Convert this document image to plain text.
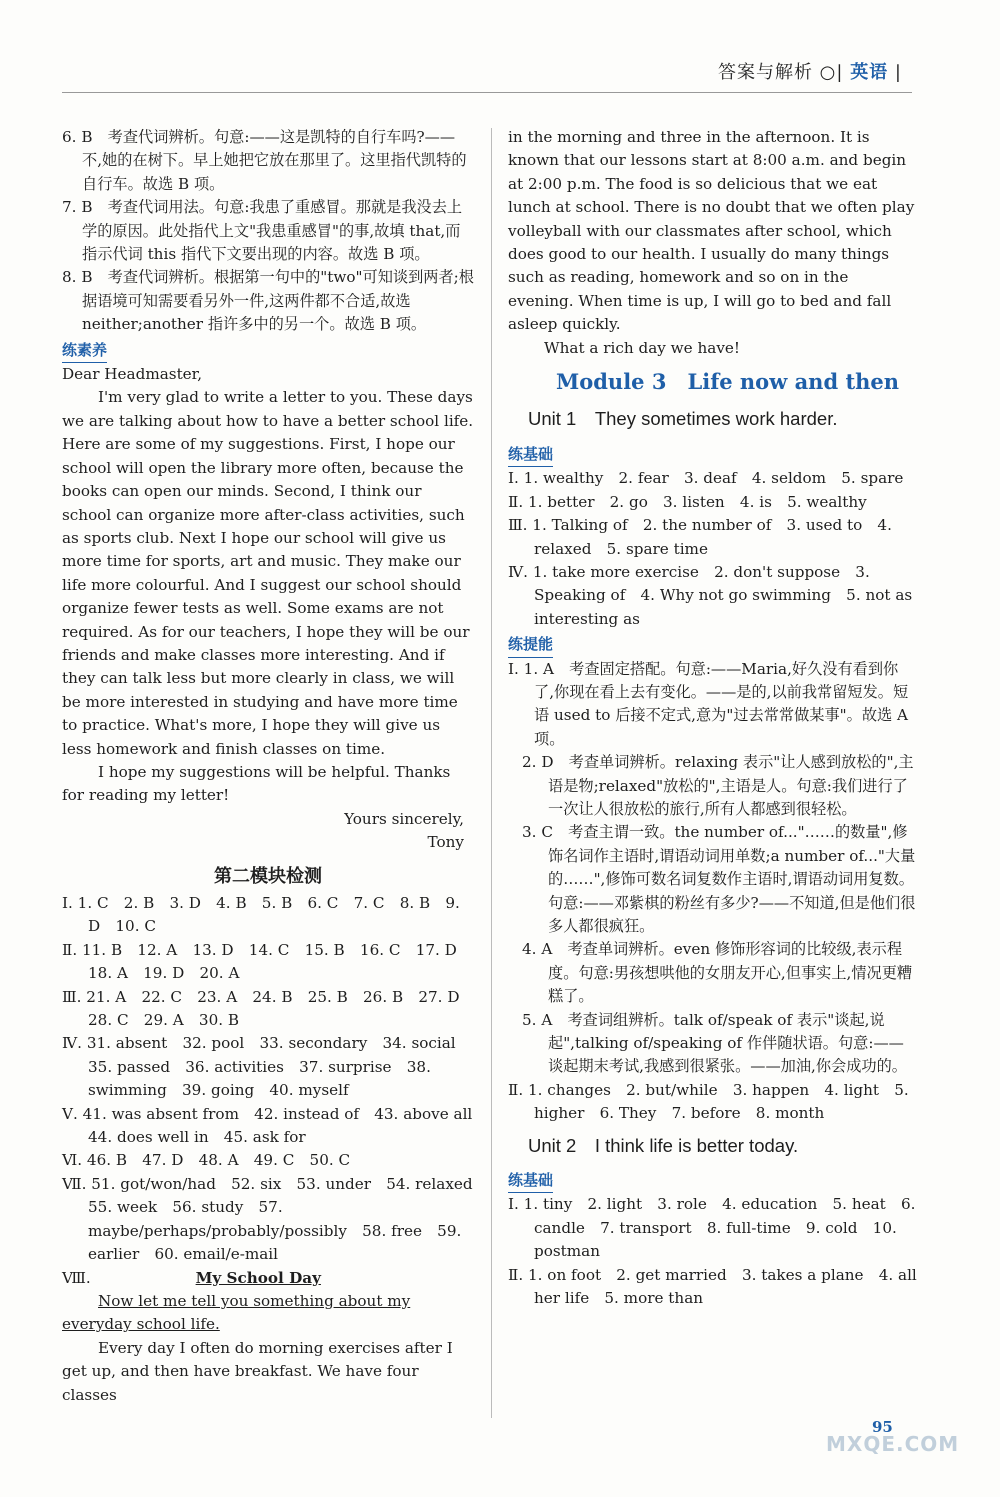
答案与解析 ○| 英语 |

6. B　考查代词辨析。句意:——这是凯特的自行车吗?——不,她的在树下。早上她把它放在那里了。这里指代凯特的自行车。故选 B 项。

7. B　考查代词用法。句意:我患了重感冒。那就是我没去上学的原因。此处指代上文"我患重感冒"的事,故填 that,而指示代词 this 指代下文要出现的内容。故选 B 项。

8. B　考查代词辨析。根据第一句中的"two"可知谈到两者;根据语境可知需要看另外一件,这两件都不合适,故选 neither;another 指许多中的另一个。故选 B 项。

练素养

Dear Headmaster,

I'm very glad to write a letter to you. These days we are talking about how to have a better school life. Here are some of my suggestions. First, I hope our school will open the library more often, because the books can open our minds. Second, I think our school can organize more after-class activities, such as sports club. Next I hope our school will give us more time for sports, art and music. They make our life more colourful. And I suggest our school should organize fewer tests as well. Some exams are not required. As for our teachers, I hope they will be our friends and make classes more interesting. And if they can talk less but more clearly in class, we will be more interested in studying and have more time to practice. What's more, I hope they will give us less homework and finish classes on time.

I hope my suggestions will be helpful. Thanks for reading my letter!

Yours sincerely,

Tony

第二模块检测

Ⅰ. 1. C　2. B　3. D　4. B　5. B　6. C　7. C　8. B　9. D　10. C

Ⅱ. 11. B　12. A　13. D　14. C　15. B　16. C　17. D　18. A　19. D　20. A

Ⅲ. 21. A　22. C　23. A　24. B　25. B　26. B　27. D　28. C　29. A　30. B

Ⅳ. 31. absent　32. pool　33. secondary　34. social　35. passed　36. activities　37. surprise　38. swimming　39. going　40. myself

Ⅴ. 41. was absent from　42. instead of　43. above all　44. does well in　45. ask for

Ⅵ. 46. B　47. D　48. A　49. C　50. C

Ⅶ. 51. got/won/had　52. six　53. under　54. relaxed　55. week　56. study　57. maybe/perhaps/probably/possibly　58. free　59. earlier　60. email/e-mail

Ⅷ.	My School Day

Now let me tell you something about my everyday school life.

Every day I often do morning exercises after I get up, and then have breakfast. We have four classes

in the morning and three in the afternoon. It is known that our lessons start at 8:00 a.m. and begin at 2:00 p.m. The food is so delicious that we eat lunch at school. There is no doubt that we often play volleyball with our classmates after school, which does good to our health. I usually do many things such as reading, homework and so on in the evening. When time is up, I will go to bed and fall asleep quickly.

What a rich day we have!

Module 3　Life now and then
Unit 1　They sometimes work harder.
练基础

Ⅰ. 1. wealthy　2. fear　3. deaf　4. seldom　5. spare

Ⅱ. 1. better　2. go　3. listen　4. is　5. wealthy

Ⅲ. 1. Talking of　2. the number of　3. used to　4. relaxed　5. spare time

Ⅳ. 1. take more exercise　2. don't suppose　3. Speaking of　4. Why not go swimming　5. not as interesting as

练提能

Ⅰ. 1. A　考查固定搭配。句意:——Maria,好久没有看到你了,你现在看上去有变化。——是的,以前我常留短发。短语 used to 后接不定式,意为"过去常常做某事"。故选 A 项。

2. D　考查单词辨析。relaxing 表示"让人感到放松的",主语是物;relaxed"放松的",主语是人。句意:我们进行了一次让人很放松的旅行,所有人都感到很轻松。

3. C　考查主谓一致。the number of..."……的数量",修饰名词作主语时,谓语动词用单数;a number of..."大量的……",修饰可数名词复数作主语时,谓语动词用复数。句意:——邓紫棋的粉丝有多少?——不知道,但是他们很多人都很疯狂。

4. A　考查单词辨析。even 修饰形容词的比较级,表示程度。句意:男孩想哄他的女朋友开心,但事实上,情况更糟糕了。

5. A　考查词组辨析。talk of/speak of 表示"谈起,说起",talking of/speaking of 作伴随状语。句意:——谈起期末考试,我感到很紧张。——加油,你会成功的。

Ⅱ. 1. changes　2. but/while　3. happen　4. light　5. higher　6. They　7. before　8. month

Unit 2　I think life is better today.
练基础

Ⅰ. 1. tiny　2. light　3. role　4. education　5. heat　6. candle　7. transport　8. full-time　9. cold　10. postman

Ⅱ. 1. on foot　2. get married　3. takes a plane　4. all her life　5. more than

95
MXQE.COM
